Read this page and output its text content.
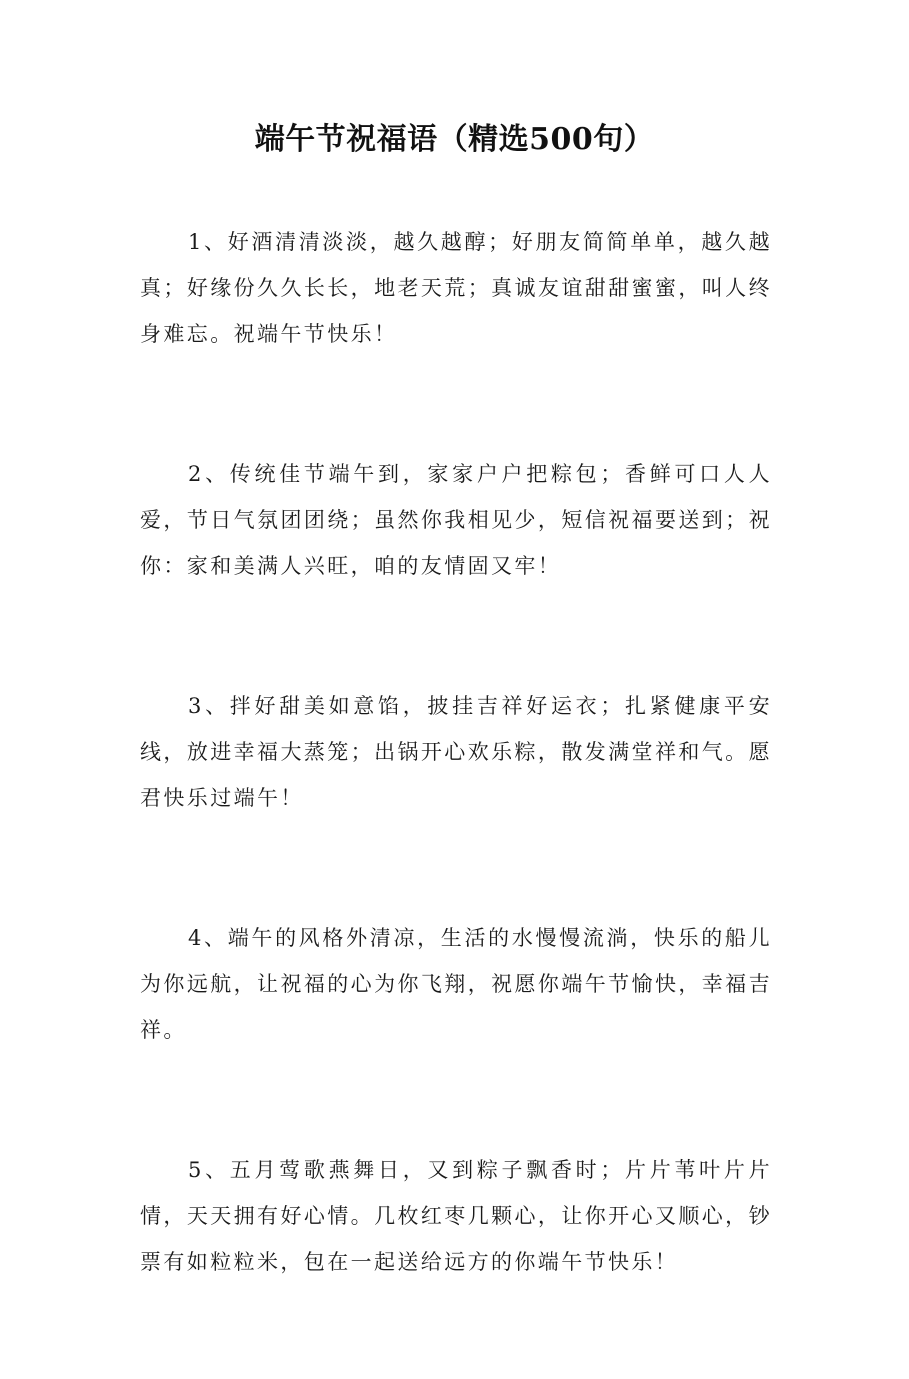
端午节祝福语（精选500句）

1、好酒清清淡淡，越久越醇；好朋友简简单单，越久越真；好缘份久久长长，地老天荒；真诚友谊甜甜蜜蜜，叫人终身难忘。祝端午节快乐！

2、传统佳节端午到，家家户户把粽包；香鲜可口人人爱，节日气氛团团绕；虽然你我相见少，短信祝福要送到；祝你：家和美满人兴旺，咱的友情固又牢！

3、拌好甜美如意馅，披挂吉祥好运衣；扎紧健康平安线，放进幸福大蒸笼；出锅开心欢乐粽，散发满堂祥和气。愿君快乐过端午！

4、端午的风格外清凉，生活的水慢慢流淌，快乐的船儿为你远航，让祝福的心为你飞翔，祝愿你端午节愉快，幸福吉祥。

5、五月莺歌燕舞日，又到粽子飘香时；片片苇叶片片情，天天拥有好心情。几枚红枣几颗心，让你开心又顺心，钞票有如粒粒米，包在一起送给远方的你端午节快乐！
